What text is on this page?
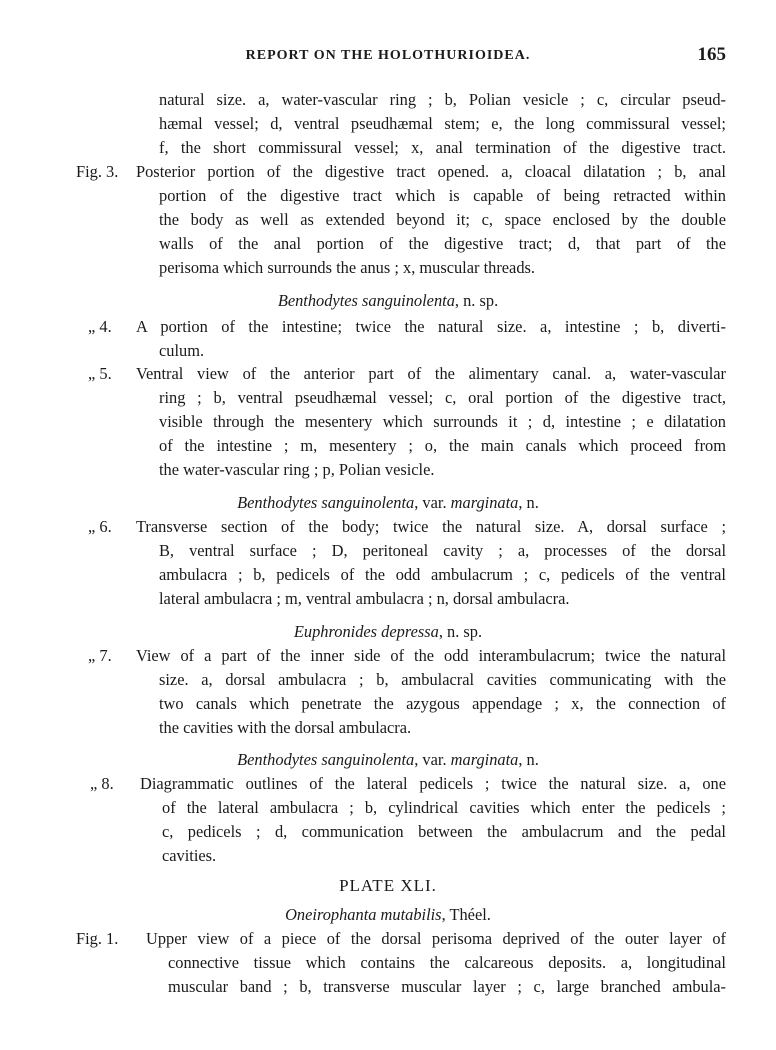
REPORT ON THE HOLOTHURIOIDEA.	165
natural size. a, water-vascular ring ; b, Polian vesicle ; c, circular pseud-
hæmal vessel; d, ventral pseudhæmal stem; e, the long commissural vessel;
f, the short commissural vessel; x, anal termination of the digestive tract.
Fig. 3. Posterior portion of the digestive tract opened. a, cloacal dilatation ; b, anal
portion of the digestive tract which is capable of being retracted within
the body as well as extended beyond it; c, space enclosed by the double
walls of the anal portion of the digestive tract; d, that part of the
perisoma which surrounds the anus ; x, muscular threads.
Benthodytes sanguinolenta, n. sp.
„ 4. A portion of the intestine; twice the natural size. a, intestine ; b, diverti-
culum.
„ 5. Ventral view of the anterior part of the alimentary canal. a, water-vascular
ring ; b, ventral pseudhæmal vessel; c, oral portion of the digestive tract,
visible through the mesentery which surrounds it ; d, intestine ; e dilatation
of the intestine ; m, mesentery ; o, the main canals which proceed from
the water-vascular ring ; p, Polian vesicle.
Benthodytes sanguinolenta, var. marginata, n.
„ 6. Transverse section of the body; twice the natural size. A, dorsal surface ;
B, ventral surface ; D, peritoneal cavity ; a, processes of the dorsal
ambulacra ; b, pedicels of the odd ambulacrum ; c, pedicels of the ventral
lateral ambulacra ; m, ventral ambulacra ; n, dorsal ambulacra.
Euphronides depressa, n. sp.
„ 7. View of a part of the inner side of the odd interambulacrum; twice the natural
size. a, dorsal ambulacra ; b, ambulacral cavities communicating with the
two canals which penetrate the azygous appendage ; x, the connection of
the cavities with the dorsal ambulacra.
Benthodytes sanguinolenta, var. marginata, n.
„ 8. Diagrammatic outlines of the lateral pedicels ; twice the natural size. a, one
of the lateral ambulacra ; b, cylindrical cavities which enter the pedicels ;
c, pedicels ; d, communication between the ambulacrum and the pedal
cavities.
PLATE XLI.
Oneirophanta mutabilis, Théel.
Fig. 1. Upper view of a piece of the dorsal perisoma deprived of the outer layer of
connective tissue which contains the calcareous deposits. a, longitudinal
muscular band ; b, transverse muscular layer ; c, large branched ambula-
